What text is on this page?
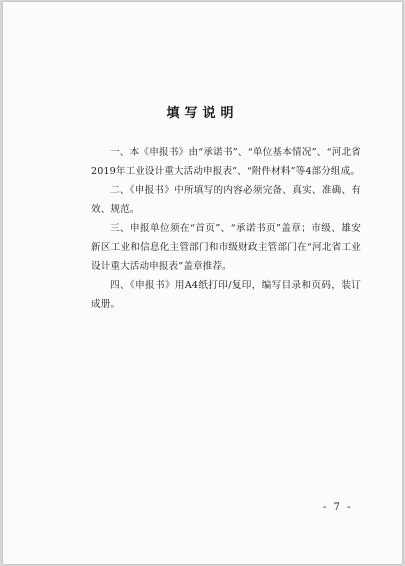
填写说明

一、本《申报书》由“承诺书”、“单位基本情况”、“河北省2019年工业设计重大活动申报表”、“附件材料”等4部分组成。

二、《申报书》中所填写的内容必须完备、真实、准确、有效、规范。

三、申报单位须在“首页”、“承诺书页”盖章；市级、雄安新区工业和信息化主管部门和市级财政主管部门在“河北省工业设计重大活动申报表”盖章推荐。

四、《申报书》用A4纸打印/复印，编写目录和页码，装订成册。

- 7 -
